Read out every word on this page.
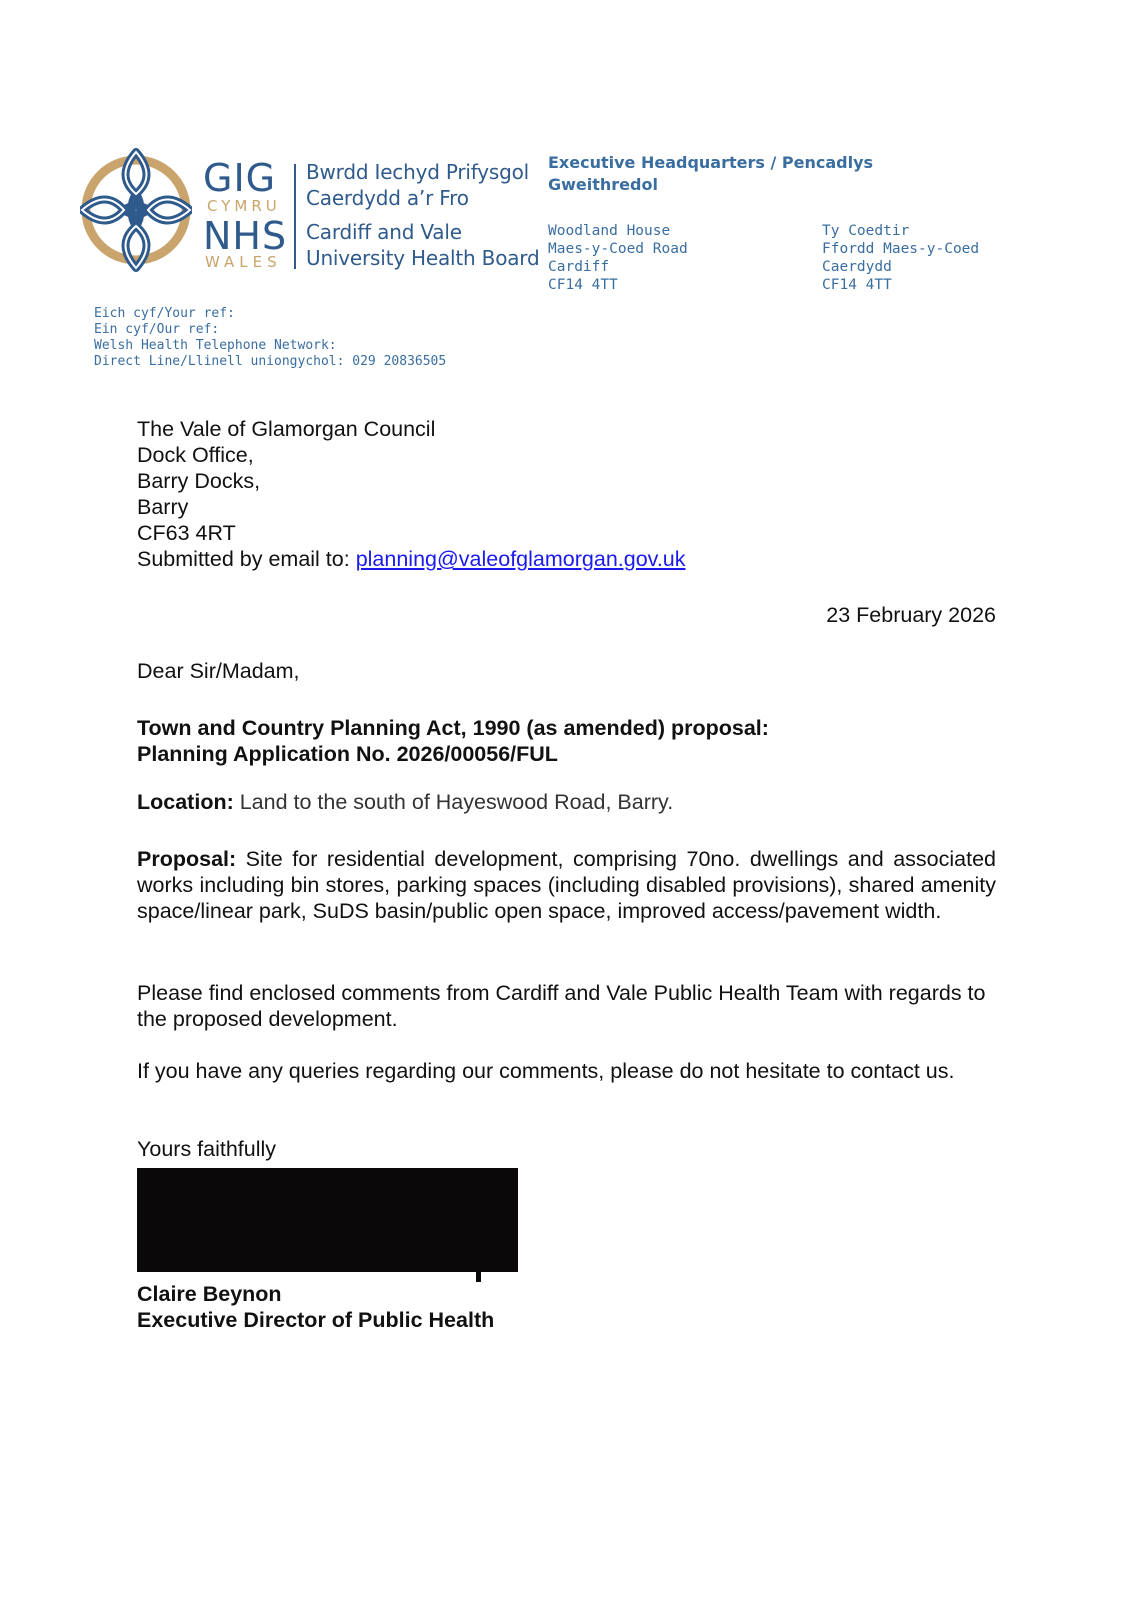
GIG
CYMRU
NHS
WALES
Bwrdd Iechyd Prifysgol
Caerdydd a’r Fro
Cardiff and Vale
University Health Board
Executive Headquarters / Pencadlys Gweithredol
Woodland House
Maes-y-Coed Road
Cardiff
CF14 4TT
Ty Coedtir
Ffordd Maes-y-Coed
Caerdydd
CF14 4TT
Eich cyf/Your ref:
Ein cyf/Our ref:
Welsh Health Telephone Network:
Direct Line/Llinell uniongychol: 029 20836505
The Vale of Glamorgan Council
Dock Office,
Barry Docks,
Barry
CF63 4RT
Submitted by email to: planning@valeofglamorgan.gov.uk
23 February 2026
Dear Sir/Madam,
Town and Country Planning Act, 1990 (as amended) proposal:
Planning Application No. 2026/00056/FUL
Location: Land to the south of Hayeswood Road, Barry.
Proposal: Site for residential development, comprising 70no. dwellings and associated works including bin stores, parking spaces (including disabled provisions), shared amenity space/linear park, SuDS basin/public open space, improved access/pavement width.
Please find enclosed comments from Cardiff and Vale Public Health Team with regards to the proposed development.
If you have any queries regarding our comments, please do not hesitate to contact us.
Yours faithfully
Claire Beynon
Executive Director of Public Health
